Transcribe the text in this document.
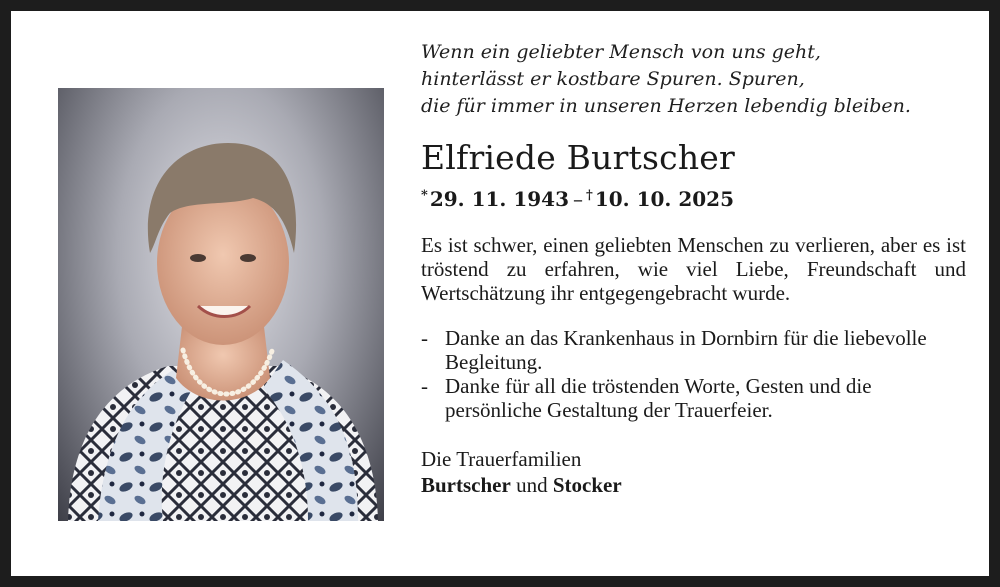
Wenn ein geliebter Mensch von uns geht,
hinterlässt er kostbare Spuren. Spuren,
die für immer in unseren Herzen lebendig bleiben.

Elfriede Burtscher

* 29. 11. 1943 – † 10. 10. 2025

Es ist schwer, einen geliebten Menschen zu verlieren, aber es ist tröstend zu erfahren, wie viel Liebe, Freundschaft und Wertschätzung ihr entgegengebracht wurde.

- Danke an das Krankenhaus in Dornbirn für die liebevolle Begleitung.
- Danke für all die tröstenden Worte, Gesten und die persönliche Gestaltung der Trauerfeier.

Die Trauerfamilien
Burtscher und Stocker
